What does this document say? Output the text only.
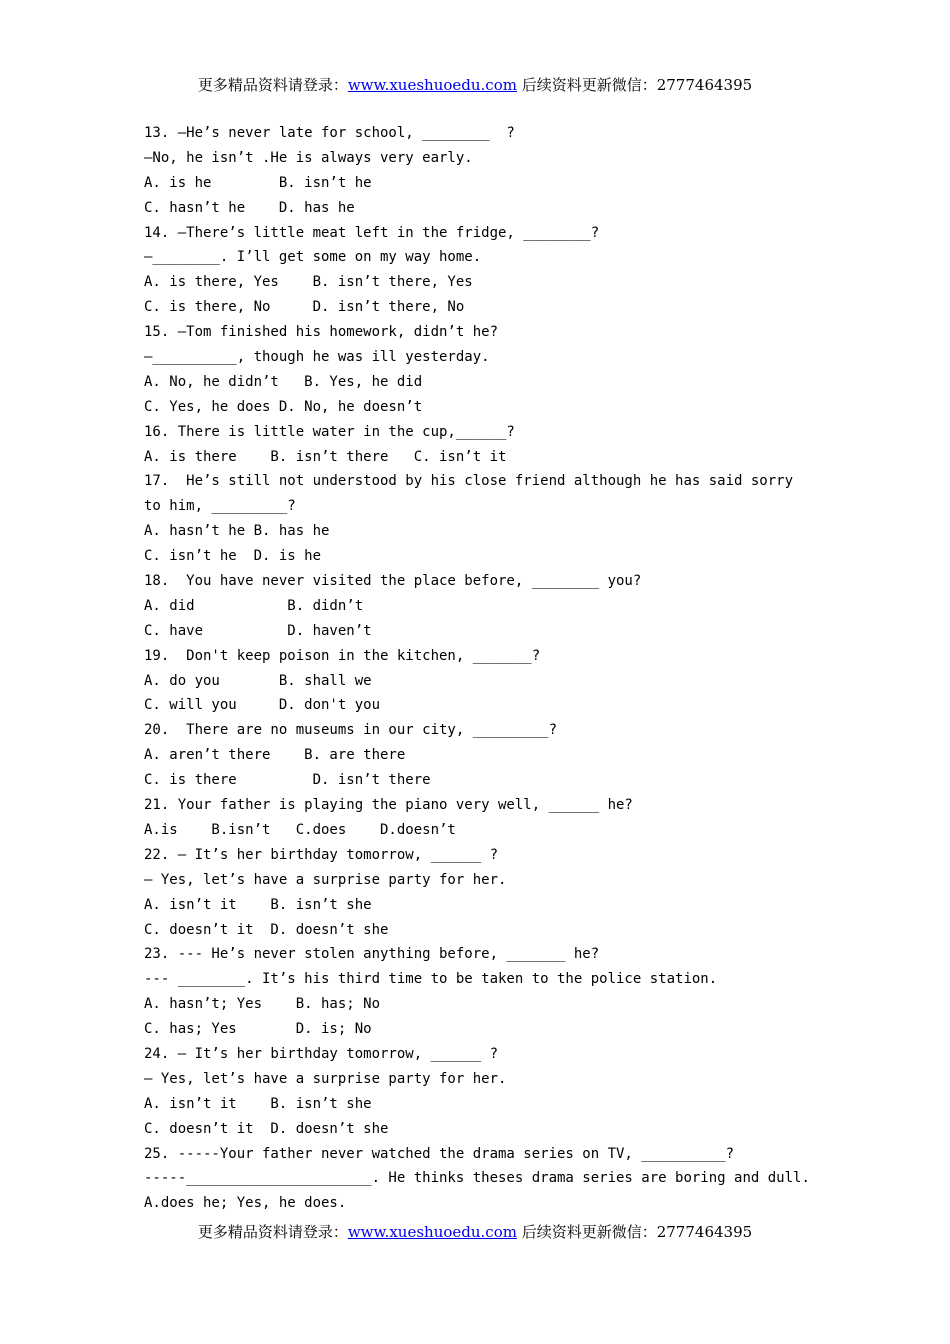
更多精品资料请登录：www.xueshuoedu.com 后续资料更新微信：2777464395
13. —He’s never late for school, ________  ?
—No, he isn’t .He is always very early.
A. is he        B. isn’t he
C. hasn’t he    D. has he
14. —There’s little meat left in the fridge, ________?
—________. I’ll get some on my way home.
A. is there, Yes    B. isn’t there, Yes
C. is there, No     D. isn’t there, No
15. —Tom finished his homework, didn’t he?
—__________, though he was ill yesterday.
A. No, he didn’t   B. Yes, he did
C. Yes, he does D. No, he doesn’t
16. There is little water in the cup,______?
A. is there    B. isn’t there   C. isn’t it
17.  He’s still not understood by his close friend although he has said sorry
to him, _________?
A. hasn’t he B. has he
C. isn’t he  D. is he
18.  You have never visited the place before, ________ you?
A. did           B. didn’t
C. have          D. haven’t
19.  Don't keep poison in the kitchen, _______?
A. do you       B. shall we
C. will you     D. don't you
20.  There are no museums in our city, _________?
A. aren’t there    B. are there
C. is there         D. isn’t there
21. Your father is playing the piano very well, ______ he?
A.is    B.isn’t   C.does    D.doesn’t
22. — It’s her birthday tomorrow, ______ ?
— Yes, let’s have a surprise party for her.
A. isn’t it    B. isn’t she
C. doesn’t it  D. doesn’t she
23. --- He’s never stolen anything before, _______ he?
--- ________. It’s his third time to be taken to the police station.
A. hasn’t; Yes    B. has; No
C. has; Yes       D. is; No
24. — It’s her birthday tomorrow, ______ ?
— Yes, let’s have a surprise party for her.
A. isn’t it    B. isn’t she
C. doesn’t it  D. doesn’t she
25. -----Your father never watched the drama series on TV, __________?
-----______________________. He thinks theses drama series are boring and dull.
A.does he; Yes, he does.
更多精品资料请登录：www.xueshuoedu.com 后续资料更新微信：2777464395
